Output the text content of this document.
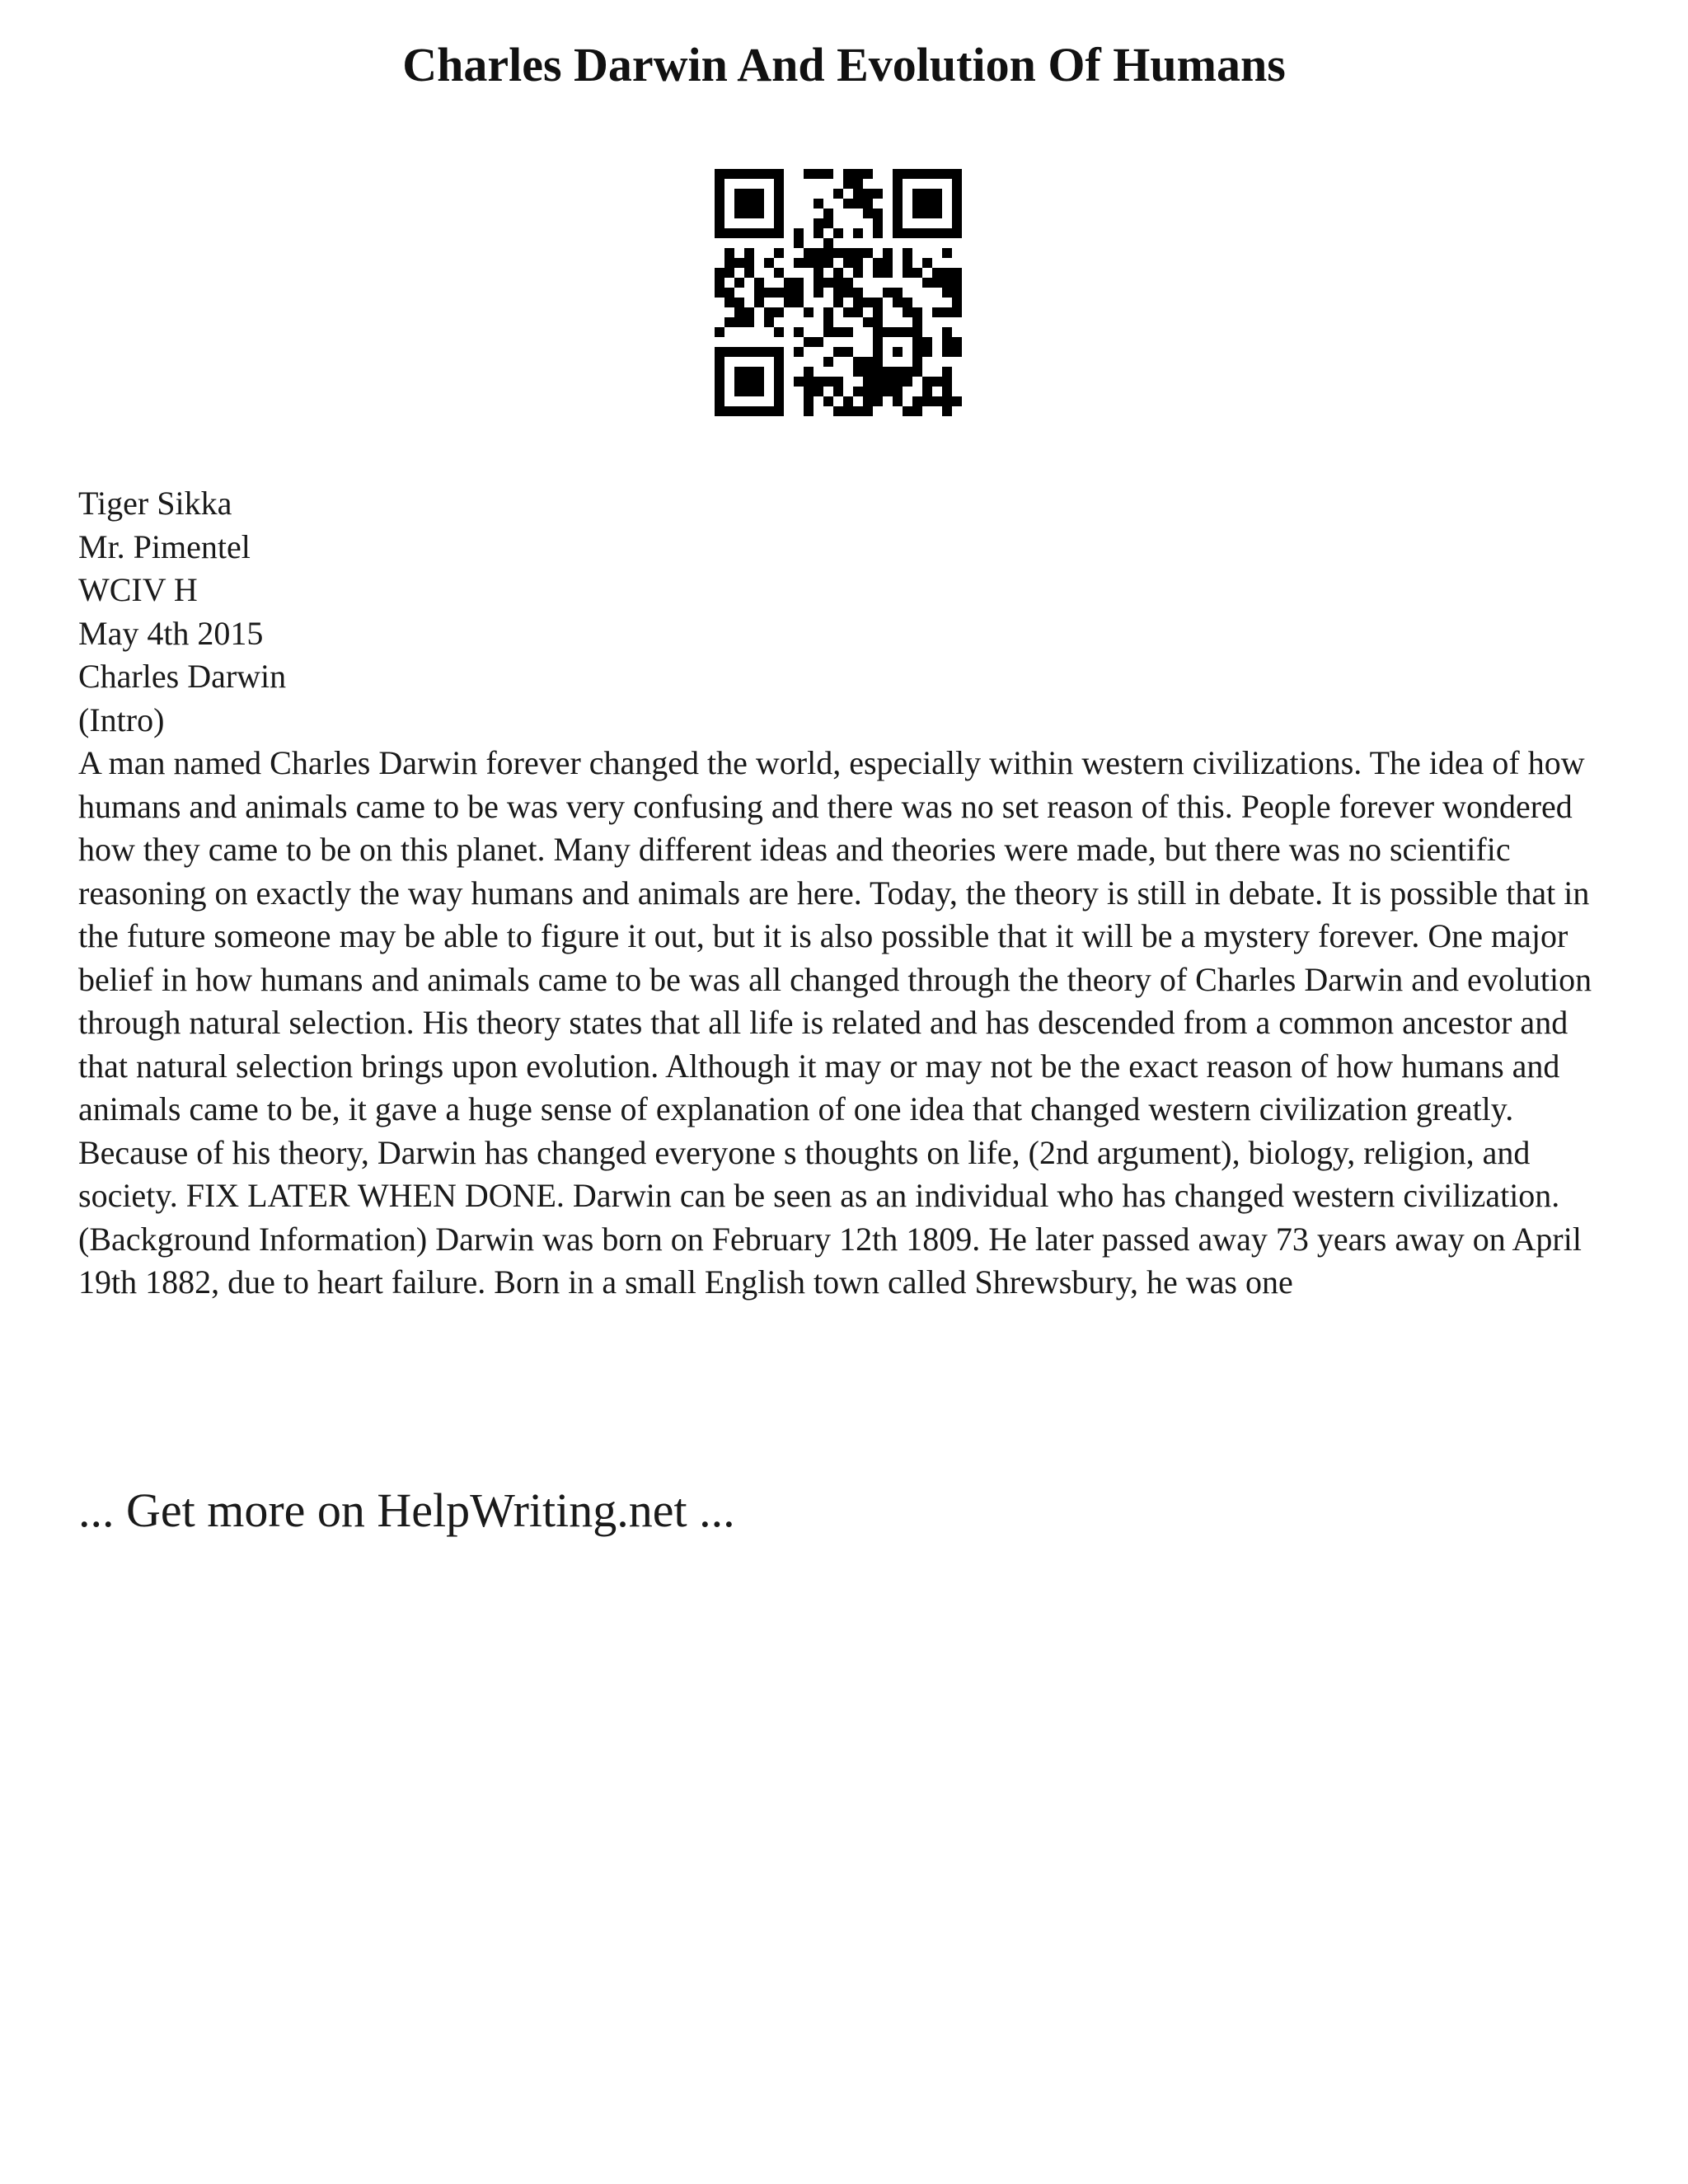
Charles Darwin And Evolution Of Humans

Tiger Sikka

Mr. Pimentel

WCIV H

May 4th 2015

Charles Darwin

(Intro)

A man named Charles Darwin forever changed the world, especially within western civilizations. The idea of how humans and animals came to be was very confusing and there was no set reason of this. People forever wondered how they came to be on this planet. Many different ideas and theories were made, but there was no scientific reasoning on exactly the way humans and animals are here. Today, the theory is still in debate. It is possible that in the future someone may be able to figure it out, but it is also possible that it will be a mystery forever. One major belief in how humans and animals came to be was all changed through the theory of Charles Darwin and evolution through natural selection. His theory states that all life is related and has descended from a common ancestor and that natural selection brings upon evolution. Although it may or may not be the exact reason of how humans and animals came to be, it gave a huge sense of explanation of one idea that changed western civilization greatly. Because of his theory, Darwin has changed everyone s thoughts on life, (2nd argument), biology, religion, and society. FIX LATER WHEN DONE. Darwin can be seen as an individual who has changed western civilization.

(Background Information) Darwin was born on February 12th 1809. He later passed away 73 years away on April 19th 1882, due to heart failure. Born in a small English town called Shrewsbury, he was one

... Get more on HelpWriting.net ...
